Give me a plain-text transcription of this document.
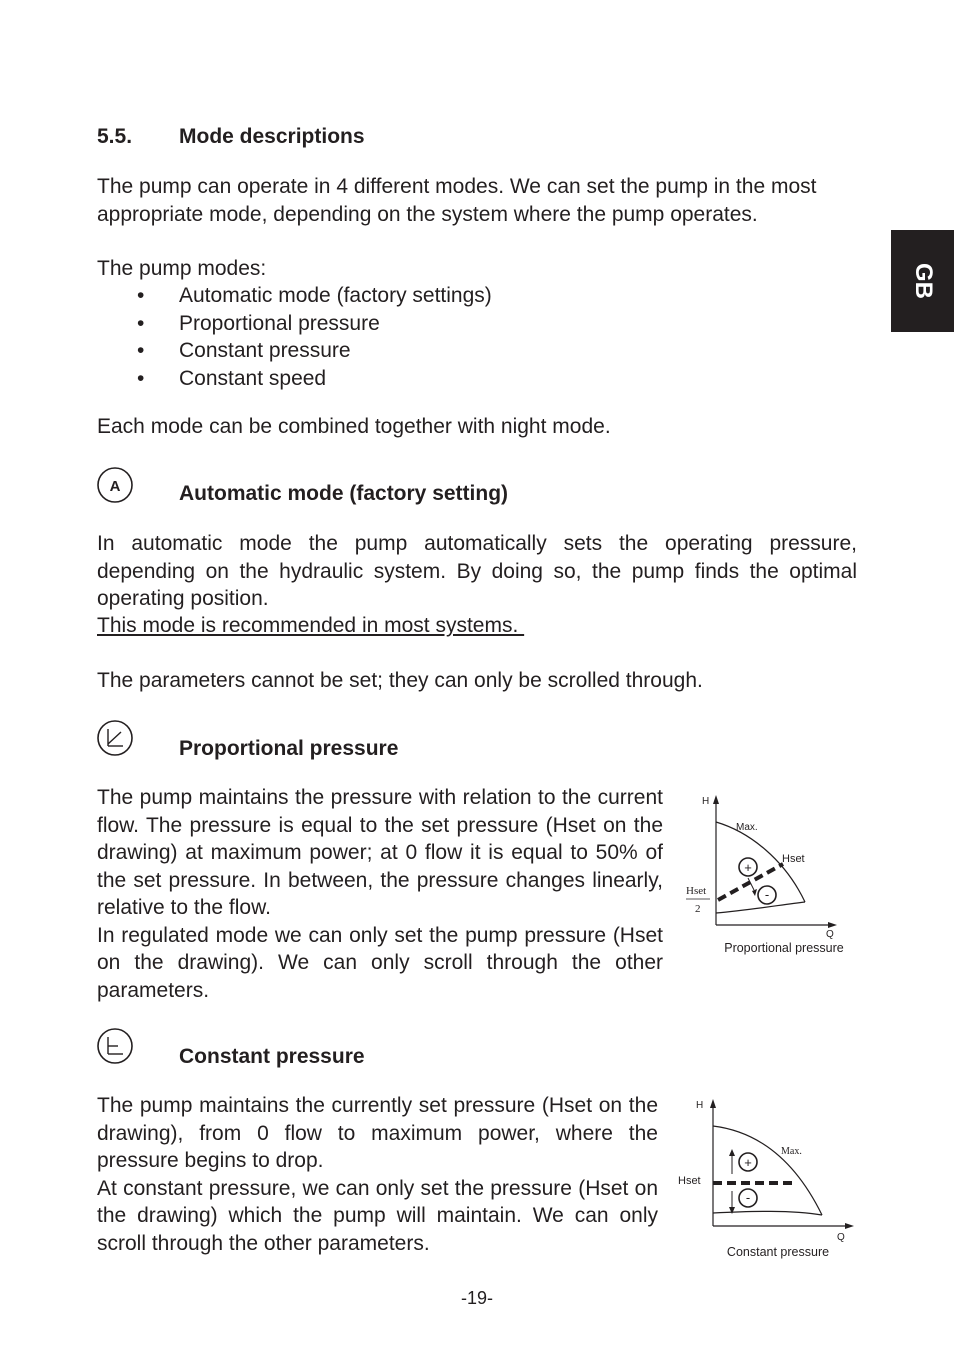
GB

5.5. Mode descriptions

The pump can operate in 4 different modes. We can set the pump in the most appropriate mode, depending on the system where the pump operates.

The pump modes:

• Automatic mode (factory settings)
• Proportional pressure
• Constant pressure
• Constant speed

Each mode can be combined together with night mode.

A	Automatic mode (factory setting)

In automatic mode the pump automatically sets the operating pressure, depending on the hydraulic system. By doing so, the pump finds the optimal operating position.

This mode is recommended in most systems.

The parameters cannot be set; they can only be scrolled through.

Proportional pressure

The pump maintains the pressure with relation to the current flow. The pressure is equal to the set pressure (Hset on the drawing) at maximum power; at 0 flow it is equal to 50% of the set pressure. In between, the pressure changes linearly, relative to the flow.

In regulated mode we can only set the pump pressure (Hset on the drawing). We can only scroll through the other parameters.

H
Q
Max.
Hset
+
-
Hset
2
Proportional pressure

Constant pressure

The pump maintains the currently set pressure (Hset on the drawing), from 0 flow to maximum power, where the pressure begins to drop.

At constant pressure, we can only set the pressure (Hset on the drawing) which the pump will maintain. We can only scroll through the other parameters.

H
Q
Max.
Hset
+
-
Constant pressure

-19-
